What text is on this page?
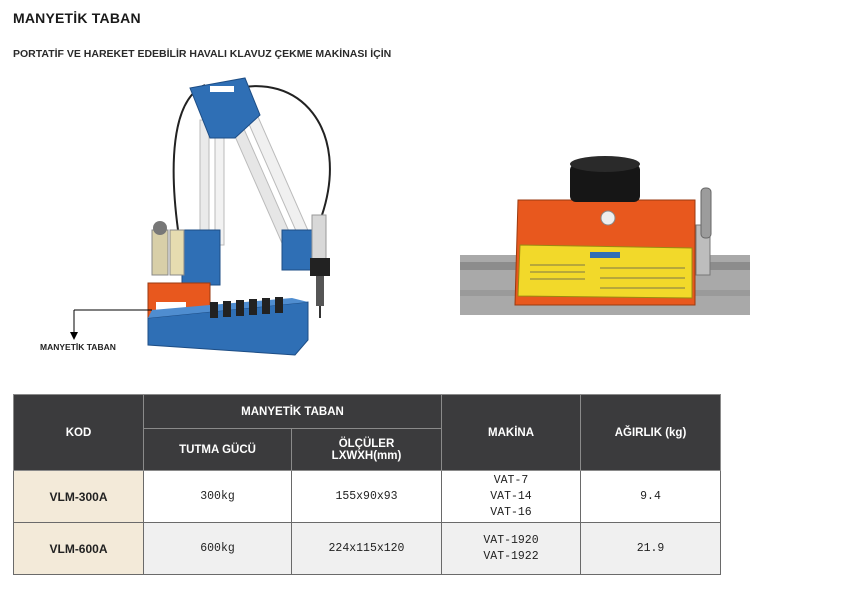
MANYETİK TABAN
PORTATİF VE HAREKET EDEBİLİR HAVALI KLAVUZ ÇEKME MAKİNASI İÇİN
MANYETİK TABAN
KOD	MANYETİK TABAN		MAKİNA	AĞIRLIK (kg)
	TUTMA GÜCÜ	ÖLÇÜLER LXWXH(mm)		
VLM-300A	300kg	155x90x93	VAT-7
VAT-14
VAT-16	9.4
VLM-600A	600kg	224x115x120	VAT-1920
VAT-1922	21.9
